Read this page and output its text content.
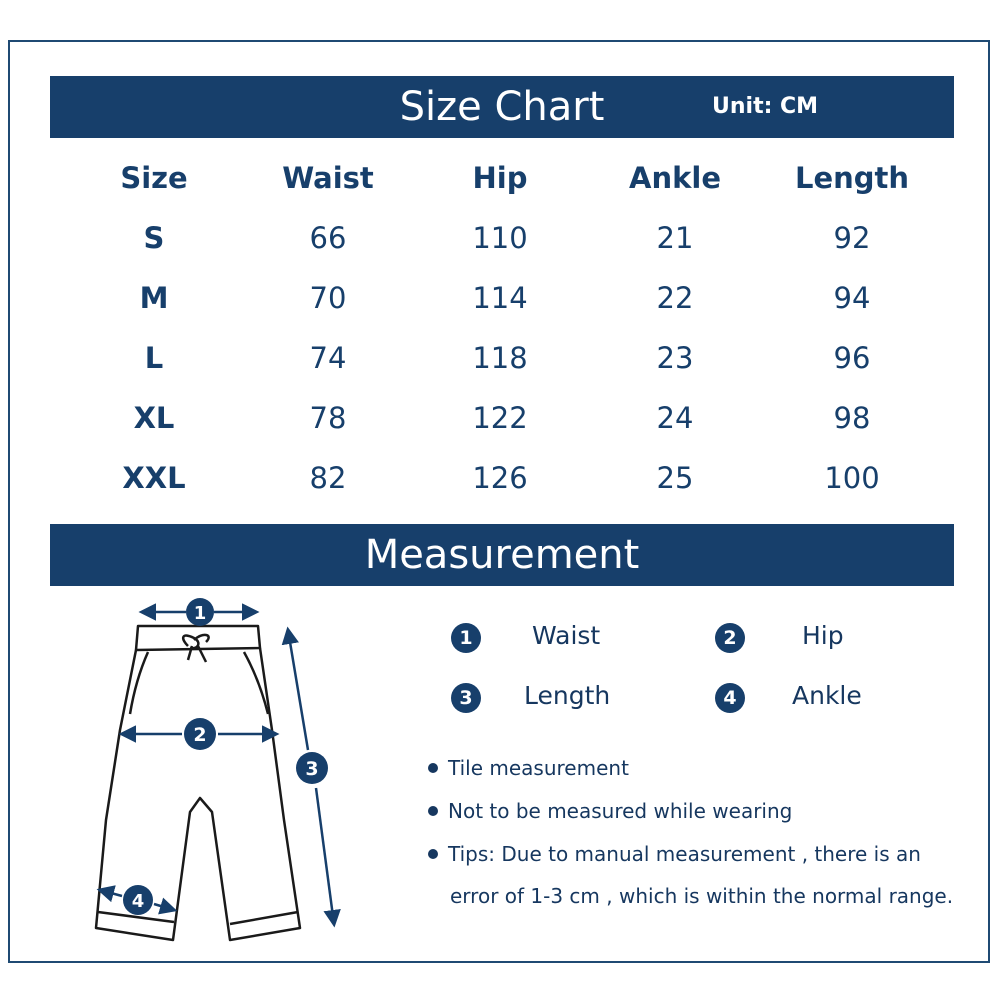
Size Chart	Unit: CM
Size	Waist	Hip	Ankle	Length
S	66	110	21	92
M	70	114	22	94
L	74	118	23	96
XL	78	122	24	98
XXL	82	126	25	100
Measurement
1
2
3
4
1	Waist	2	Hip
3	Length	4	Ankle
Tile measurement
Not to be measured while wearing
Tips: Due to manual measurement , there is an
error of 1-3 cm , which is within the normal range.
